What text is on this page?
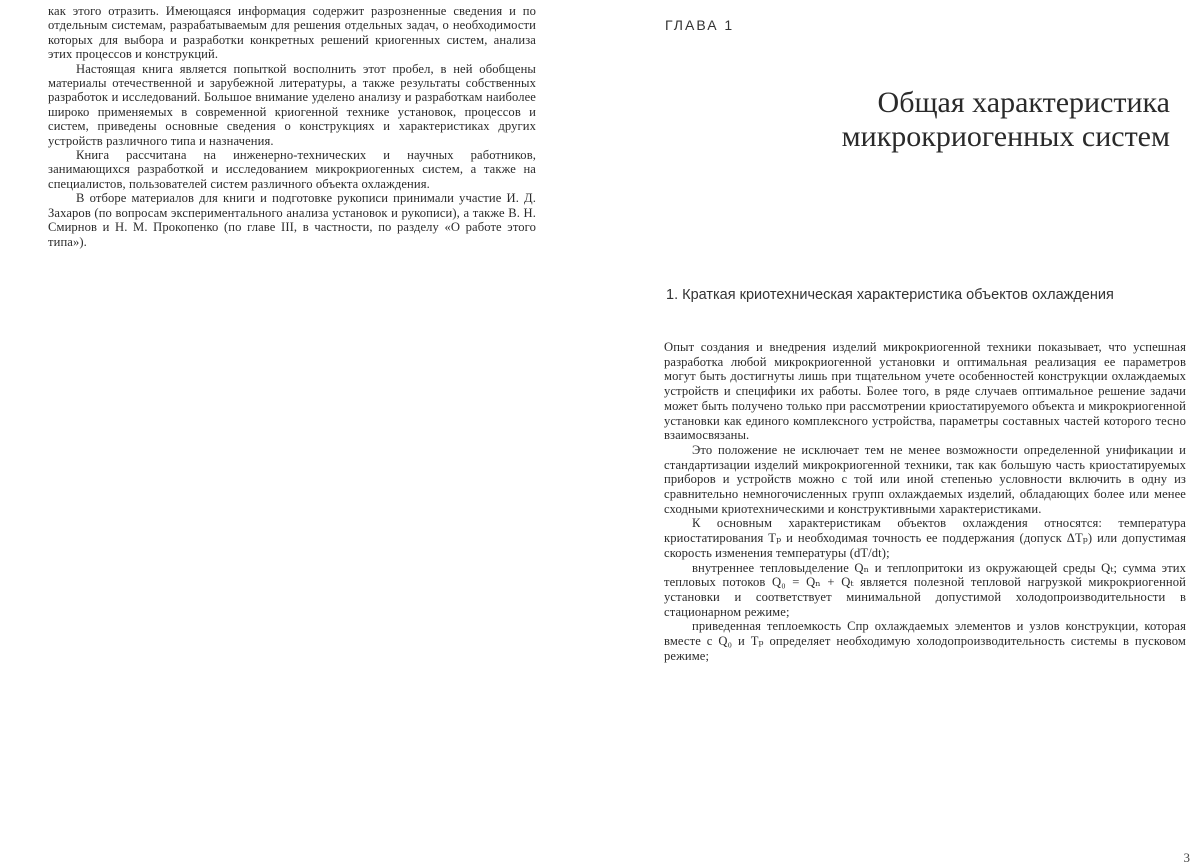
как этого отразить. Имеющаяся информация содержит разрозненные сведения и по отдельным системам, разрабатываемым для решения отдельных задач, о необходимости которых для выбора и разработки конкретных решений криогенных систем, анализа этих процессов и конструкций.

Настоящая книга является попыткой восполнить этот пробел, в ней обобщены материалы отечественной и зарубежной литературы, а также результаты собственных разработок и исследований. Большое внимание уделено анализу и разработкам наиболее широко применяемых в современной криогенной технике установок, процессов и систем, приведены основные сведения о конструкциях и характеристиках других устройств различного типа и назначения.

Книга рассчитана на инженерно-технических и научных работников, занимающихся разработкой и исследованием микрокриогенных систем, а также на специалистов, пользователей систем различного объекта охлаждения.

В отборе материалов для книги и подготовке рукописи принимали участие И. Д. Захаров (по вопросам экспериментального анализа установок и рукописи), а также В. Н. Смирнов и Н. М. Прокопенко (по главе III, в частности, по разделу «О работе этого типа»).

ГЛАВА 1
Общая характеристика микрокриогенных систем
1. Краткая криотехническая характеристика объектов охлаждения

Опыт создания и внедрения изделий микрокриогенной техники показывает, что успешная разработка любой микрокриогенной установки и оптимальная реализация ее параметров могут быть достигнуты лишь при тщательном учете особенностей конструкции охлаждаемых устройств и специфики их работы. Более того, в ряде случаев оптимальное решение задачи может быть получено только при рассмотрении криостатируемого объекта и микрокриогенной установки как единого комплексного устройства, параметры составных частей которого тесно взаимосвязаны.

Это положение не исключает тем не менее возможности определенной унификации и стандартизации изделий микрокриогенной техники, так как большую часть криостатируемых приборов и устройств можно с той или иной степенью условности включить в одну из сравнительно немногочисленных групп охлаждаемых изделий, обладающих более или менее сходными криотехническими и конструктивными характеристиками.

К основным характеристикам объектов охлаждения относятся: температура криостатирования Tₚ и необходимая точность ее поддержания (допуск ΔTₚ) или допустимая скорость изменения температуры (dT/dt);

внутреннее тепловыделение Qₙ и теплопритоки из окружающей среды Qₜ; сумма этих тепловых потоков Q₀ = Qₙ + Qₜ является полезной тепловой нагрузкой микрокриогенной установки и соответствует минимальной допустимой холодопроизводительности в стационарном режиме;

приведенная теплоемкость Cпр охлаждаемых элементов и узлов конструкции, которая вместе с Q₀ и Tₚ определяет необходимую холодопроизводительность системы в пусковом режиме;

3
